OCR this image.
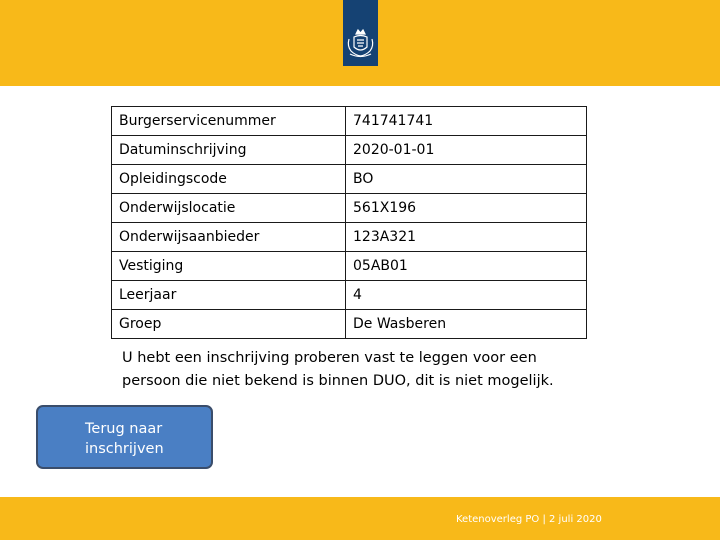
Burgerservicenummer	741741741
Datuminschrijving	2020-01-01
Opleidingscode	BO
Onderwijslocatie	561X196
Onderwijsaanbieder	123A321
Vestiging	05AB01
Leerjaar	4
Groep	De Wasberen
U hebt een inschrijving proberen vast te leggen voor een persoon die niet bekend is binnen DUO, dit is niet mogelijk.
Terug naar inschrijven
Ketenoverleg PO | 2 juli 2020
